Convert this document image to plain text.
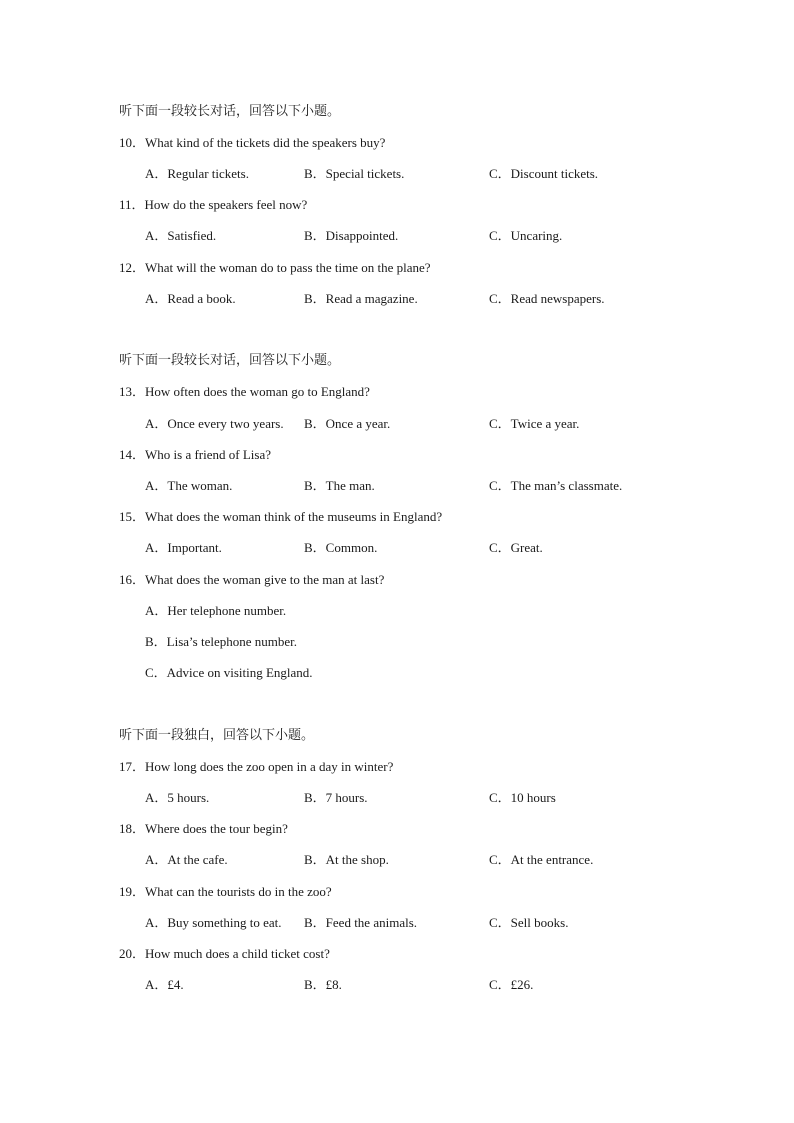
听下面一段较长对话，回答以下小题。
10．What kind of the tickets did the speakers buy?
A．Regular tickets.	B．Special tickets.	C．Discount tickets.
11．How do the speakers feel now?
A．Satisfied.	B．Disappointed.	C．Uncaring.
12．What will the woman do to pass the time on the plane?
A．Read a book.	B．Read a magazine.	C．Read newspapers.
听下面一段较长对话，回答以下小题。
13．How often does the woman go to England?
A．Once every two years. B．Once a year.	C．Twice a year.
14．Who is a friend of Lisa?
A．The woman.	B．The man.	C．The man’s classmate.
15．What does the woman think of the museums in England?
A．Important.	B．Common.	C．Great.
16．What does the woman give to the man at last?
A．Her telephone number.
B．Lisa’s telephone number.
C．Advice on visiting England.
听下面一段独白，回答以下小题。
17．How long does the zoo open in a day in winter?
A．5 hours.	B．7 hours.	C．10 hours
18．Where does the tour begin?
A．At the cafe.	B．At the shop.	C．At the entrance.
19．What can the tourists do in the zoo?
A．Buy something to eat. B．Feed the animals.	C．Sell books.
20．How much does a child ticket cost?
A．£4.	B．£8.	C．£26.
